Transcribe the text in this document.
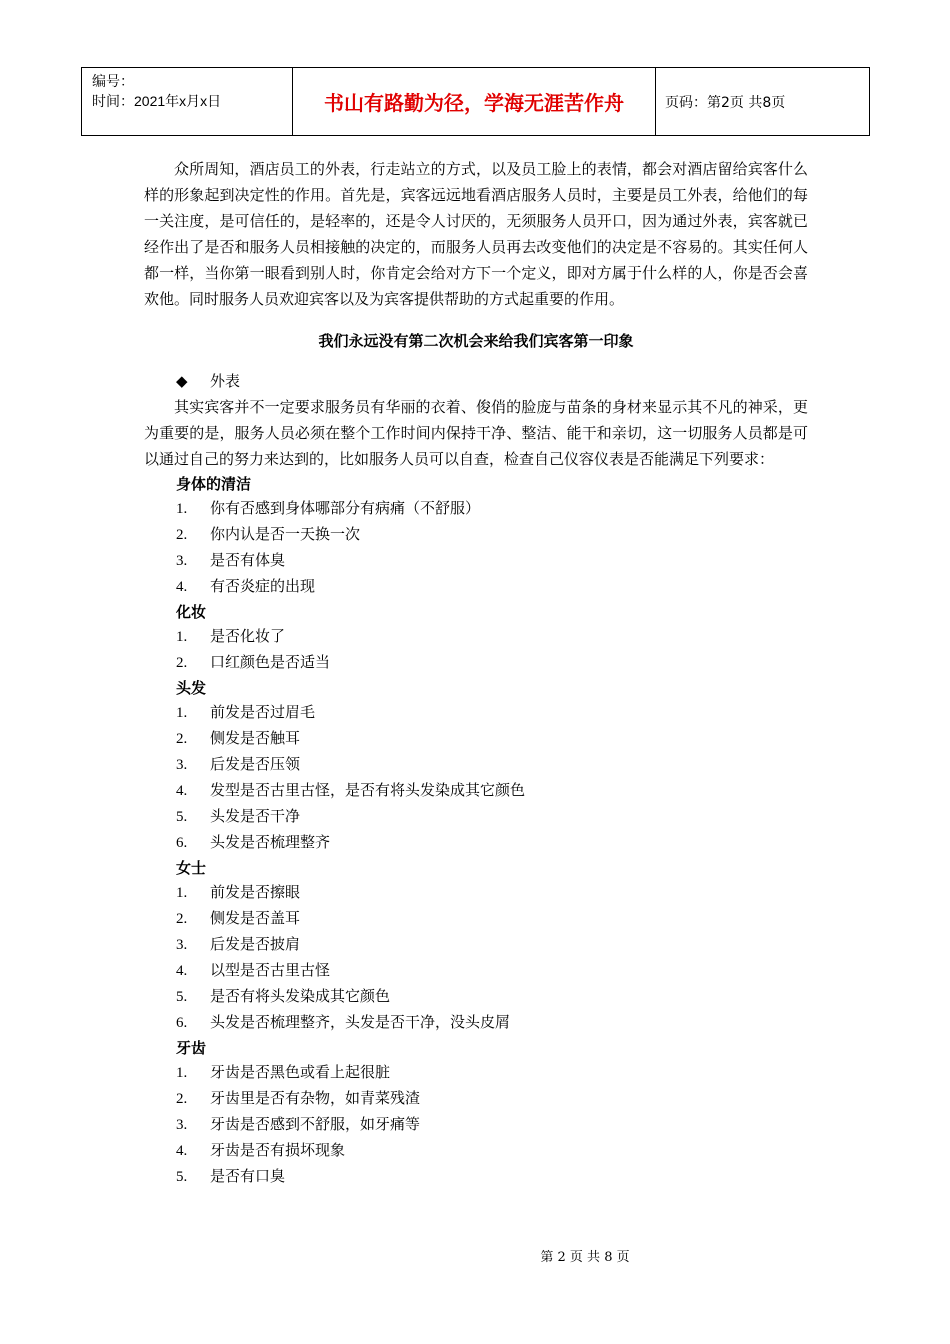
编号：
时间：2021年x月x日	书山有路勤为径，学海无涯苦作舟	页码：第2页 共8页

众所周知，酒店员工的外表，行走站立的方式，以及员工脸上的表情，都会对酒店留给宾客什么样的形象起到决定性的作用。首先是，宾客远远地看酒店服务人员时，主要是员工外表，给他们的每一关注度，是可信任的，是轻率的，还是令人讨厌的，无须服务人员开口，因为通过外表，宾客就已经作出了是否和服务人员相接触的决定的，而服务人员再去改变他们的决定是不容易的。其实任何人都一样，当你第一眼看到别人时，你肯定会给对方下一个定义，即对方属于什么样的人，你是否会喜欢他。同时服务人员欢迎宾客以及为宾客提供帮助的方式起重要的作用。

我们永远没有第二次机会来给我们宾客第一印象

◆ 外表

其实宾客并不一定要求服务员有华丽的衣着、俊俏的脸庞与苗条的身材来显示其不凡的神采，更为重要的是，服务人员必须在整个工作时间内保持干净、整洁、能干和亲切，这一切服务人员都是可以通过自己的努力来达到的，比如服务人员可以自查，检查自己仪容仪表是否能满足下列要求：

身体的清洁

1. 你有否感到身体哪部分有病痛（不舒服）

2. 你内认是否一天换一次

3. 是否有体臭

4. 有否炎症的出现

化妆

1. 是否化妆了

2. 口红颜色是否适当

头发

1. 前发是否过眉毛

2. 侧发是否触耳

3. 后发是否压领

4. 发型是否古里古怪，是否有将头发染成其它颜色

5. 头发是否干净

6. 头发是否梳理整齐

女士

1. 前发是否擦眼

2. 侧发是否盖耳

3. 后发是否披肩

4. 以型是否古里古怪

5. 是否有将头发染成其它颜色

6. 头发是否梳理整齐，头发是否干净，没头皮屑

牙齿

1. 牙齿是否黑色或看上起很脏

2. 牙齿里是否有杂物，如青菜残渣

3. 牙齿是否感到不舒服，如牙痛等

4. 牙齿是否有损坏现象

5. 是否有口臭

第 2 页 共 8 页
